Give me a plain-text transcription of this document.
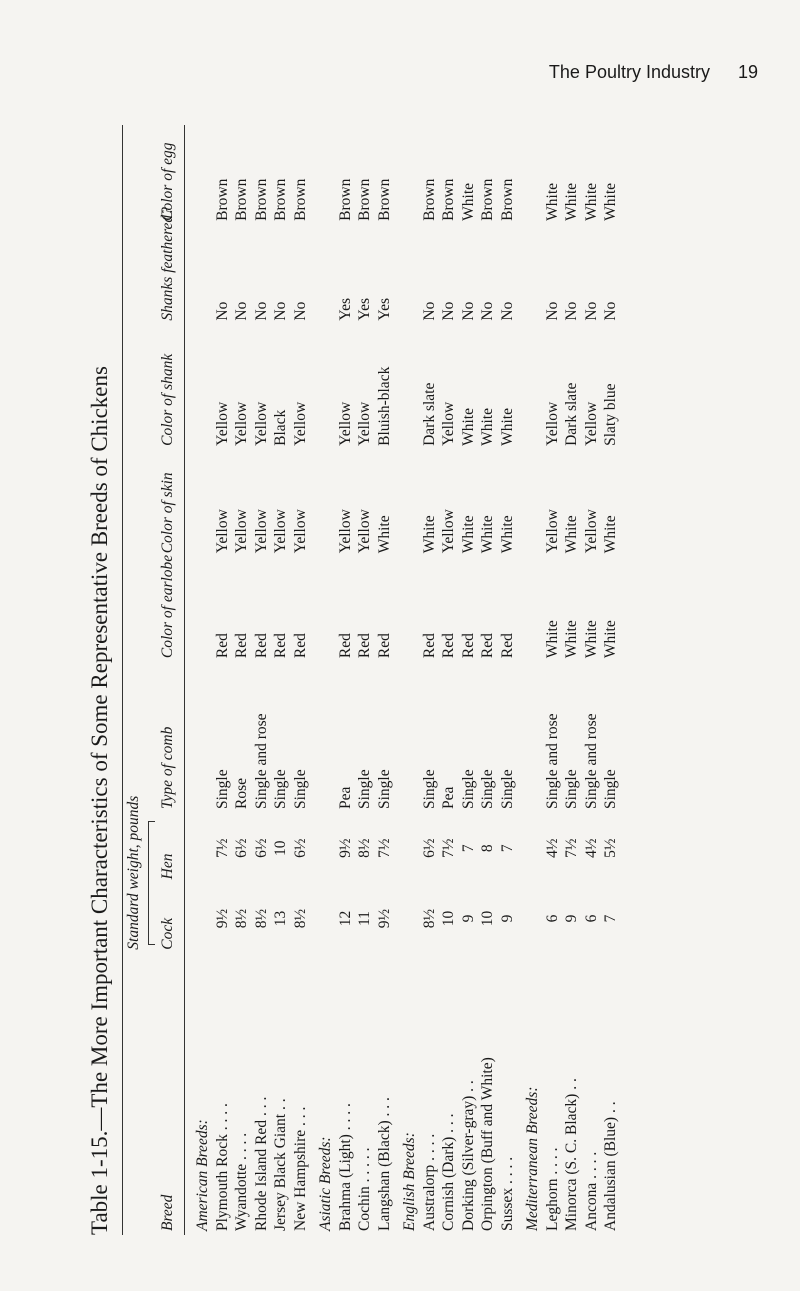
The Poultry Industry 19
Table 1-15.—The More Important Characteristics of Some Representative Breeds of Chickens
	Standard weight, pounds						

Breed	Cock	Hen	Type of comb	Color of earlobe	Color of skin	Color of shank	Shanks feathered?	Color of egg

American Breeds:								
Plymouth Rock . . . .	9½	7½	Single	Red	Yellow	Yellow	No	Brown
Wyandotte . . . .	8½	6½	Rose	Red	Yellow	Yellow	No	Brown
Rhode Island Red . . .	8½	6½	Single and rose	Red	Yellow	Yellow	No	Brown
Jersey Black Giant . .	13	10	Single	Red	Yellow	Black	No	Brown
New Hampshire . . .	8½	6½	Single	Red	Yellow	Yellow	No	Brown
Asiatic Breeds:								
Brahma (Light) . . . .	12	9½	Pea	Red	Yellow	Yellow	Yes	Brown
Cochin . . . . .	11	8½	Single	Red	Yellow	Yellow	Yes	Brown
Langshan (Black) . . .	9½	7½	Single	Red	White	Bluish-black	Yes	Brown
English Breeds:								
Australorp . . . .	8½	6½	Single	Red	White	Dark slate	No	Brown
Cornish (Dark) . . .	10	7½	Pea	Red	Yellow	Yellow	No	Brown
Dorking (Silver-gray) . .	9	7	Single	Red	White	White	No	White
Orpington (Buff and White)	10	8	Single	Red	White	White	No	Brown
Sussex . . . .	9	7	Single	Red	White	White	No	Brown
Mediterranean Breeds:								
Leghorn . . . .	6	4½	Single and rose	White	Yellow	Yellow	No	White
Minorca (S. C. Black) . .	9	7½	Single	White	White	Dark slate	No	White
Ancona . . . .	6	4½	Single and rose	White	Yellow	Yellow	No	White
Andalusian (Blue) . .	7	5½	Single	White	White	Slaty blue	No	White
